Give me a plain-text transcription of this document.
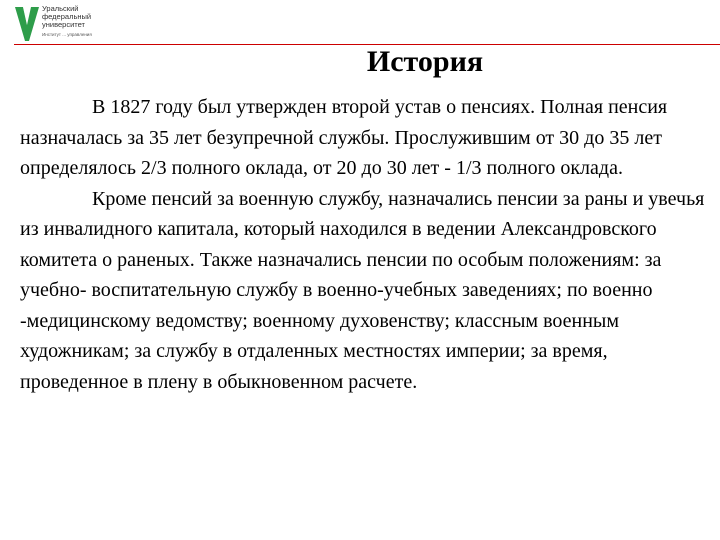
Уральский
федеральный
университет
Институт ... управления
История

В 1827 году был утвержден второй устав о пенсиях. Полная пенсия назначалась за 35 лет безупречной службы. Прослужившим от 30 до 35 лет определялось 2/3 полного оклада, от 20 до 30 лет - 1/3 полного оклада.

Кроме пенсий за военную службу, назначались пенсии за раны и увечья из инвалидного капитала, который находился в ведении Александровского комитета о раненых. Также назначались пенсии по особым положениям: за учебно- воспитательную службу в военно-учебных заведениях; по военно -медицинскому ведомству; военному духовенству; классным военным художникам; за службу в отдаленных местностях империи; за время, проведенное в плену в обыкновенном расчете.
